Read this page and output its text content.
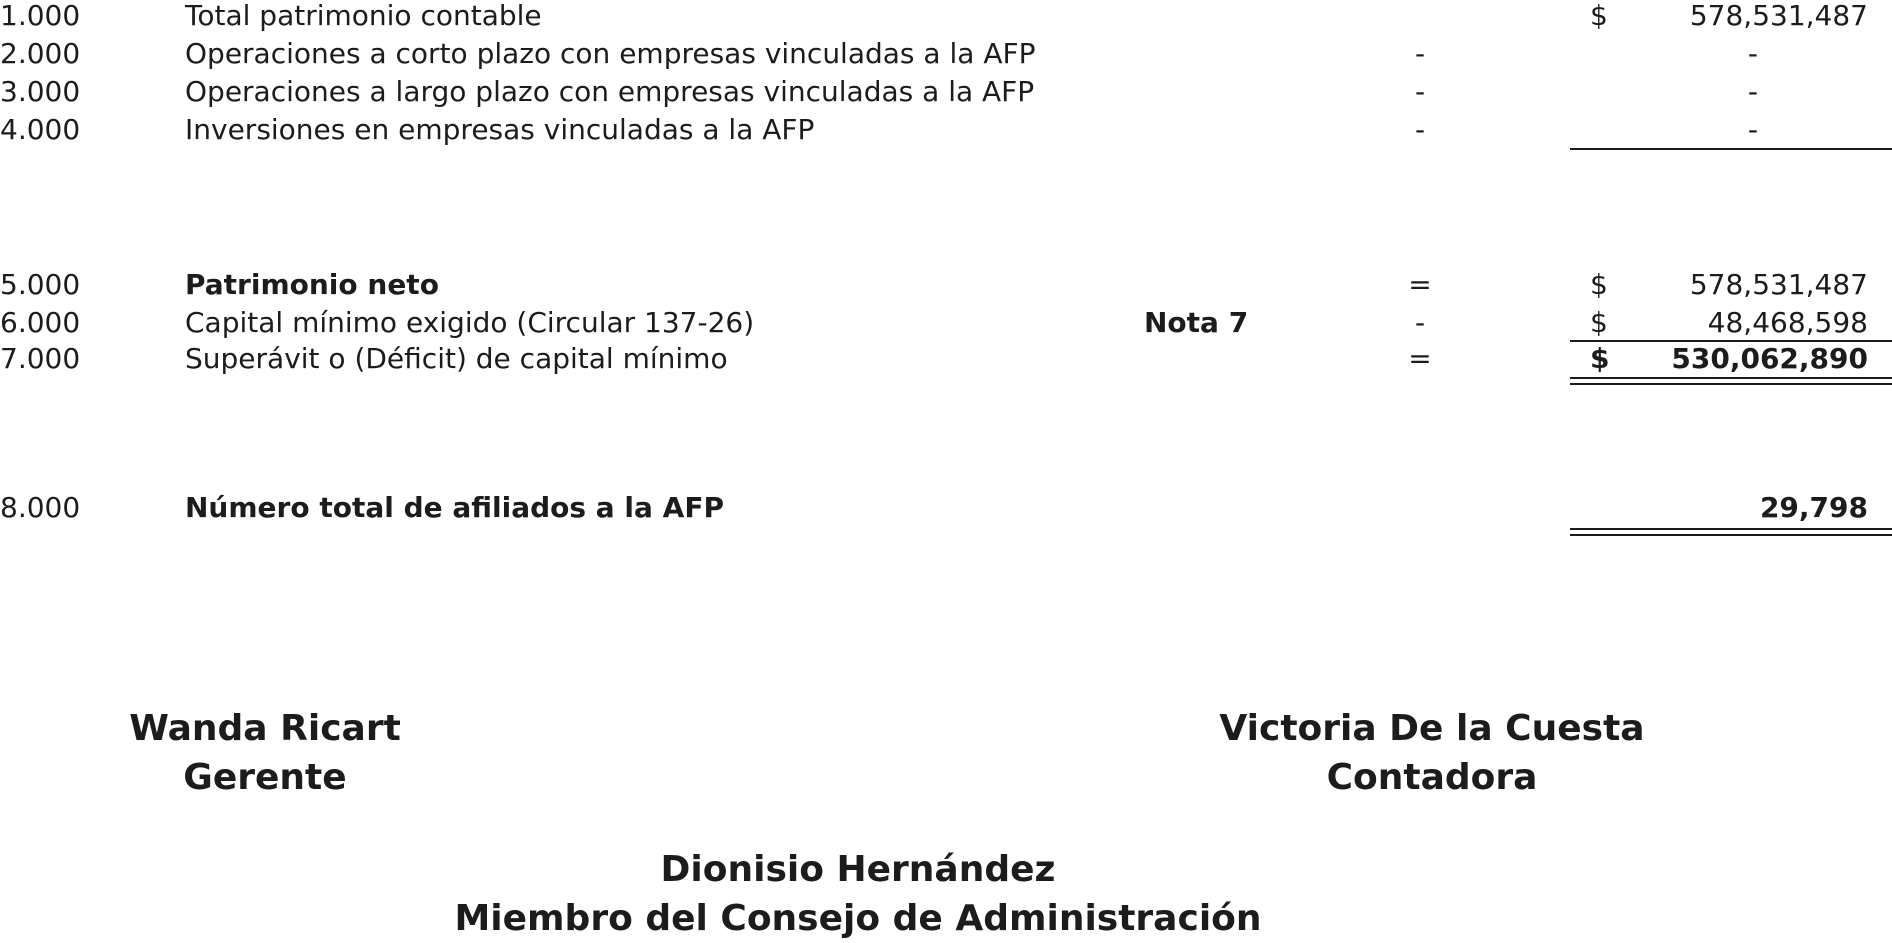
1.000	Total patrimonio contable	$	578,531,487
2.000	Operaciones a corto plazo con empresas vinculadas a la AFP	-	-
3.000	Operaciones a largo plazo con empresas vinculadas a la AFP	-	-
4.000	Inversiones en empresas vinculadas a la AFP	-	-
5.000	Patrimonio neto	=	$	578,531,487
6.000	Capital mínimo exigido (Circular 137-26)	Nota 7	-	$	48,468,598
7.000	Superávit o (Déficit) de capital mínimo	=	$ 530,062,890
8.000	Número total de afiliados a la AFP	29,798
Wanda Ricart
Gerente
Victoria De la Cuesta
Contadora
Dionisio Hernández
Miembro del Consejo de Administración
